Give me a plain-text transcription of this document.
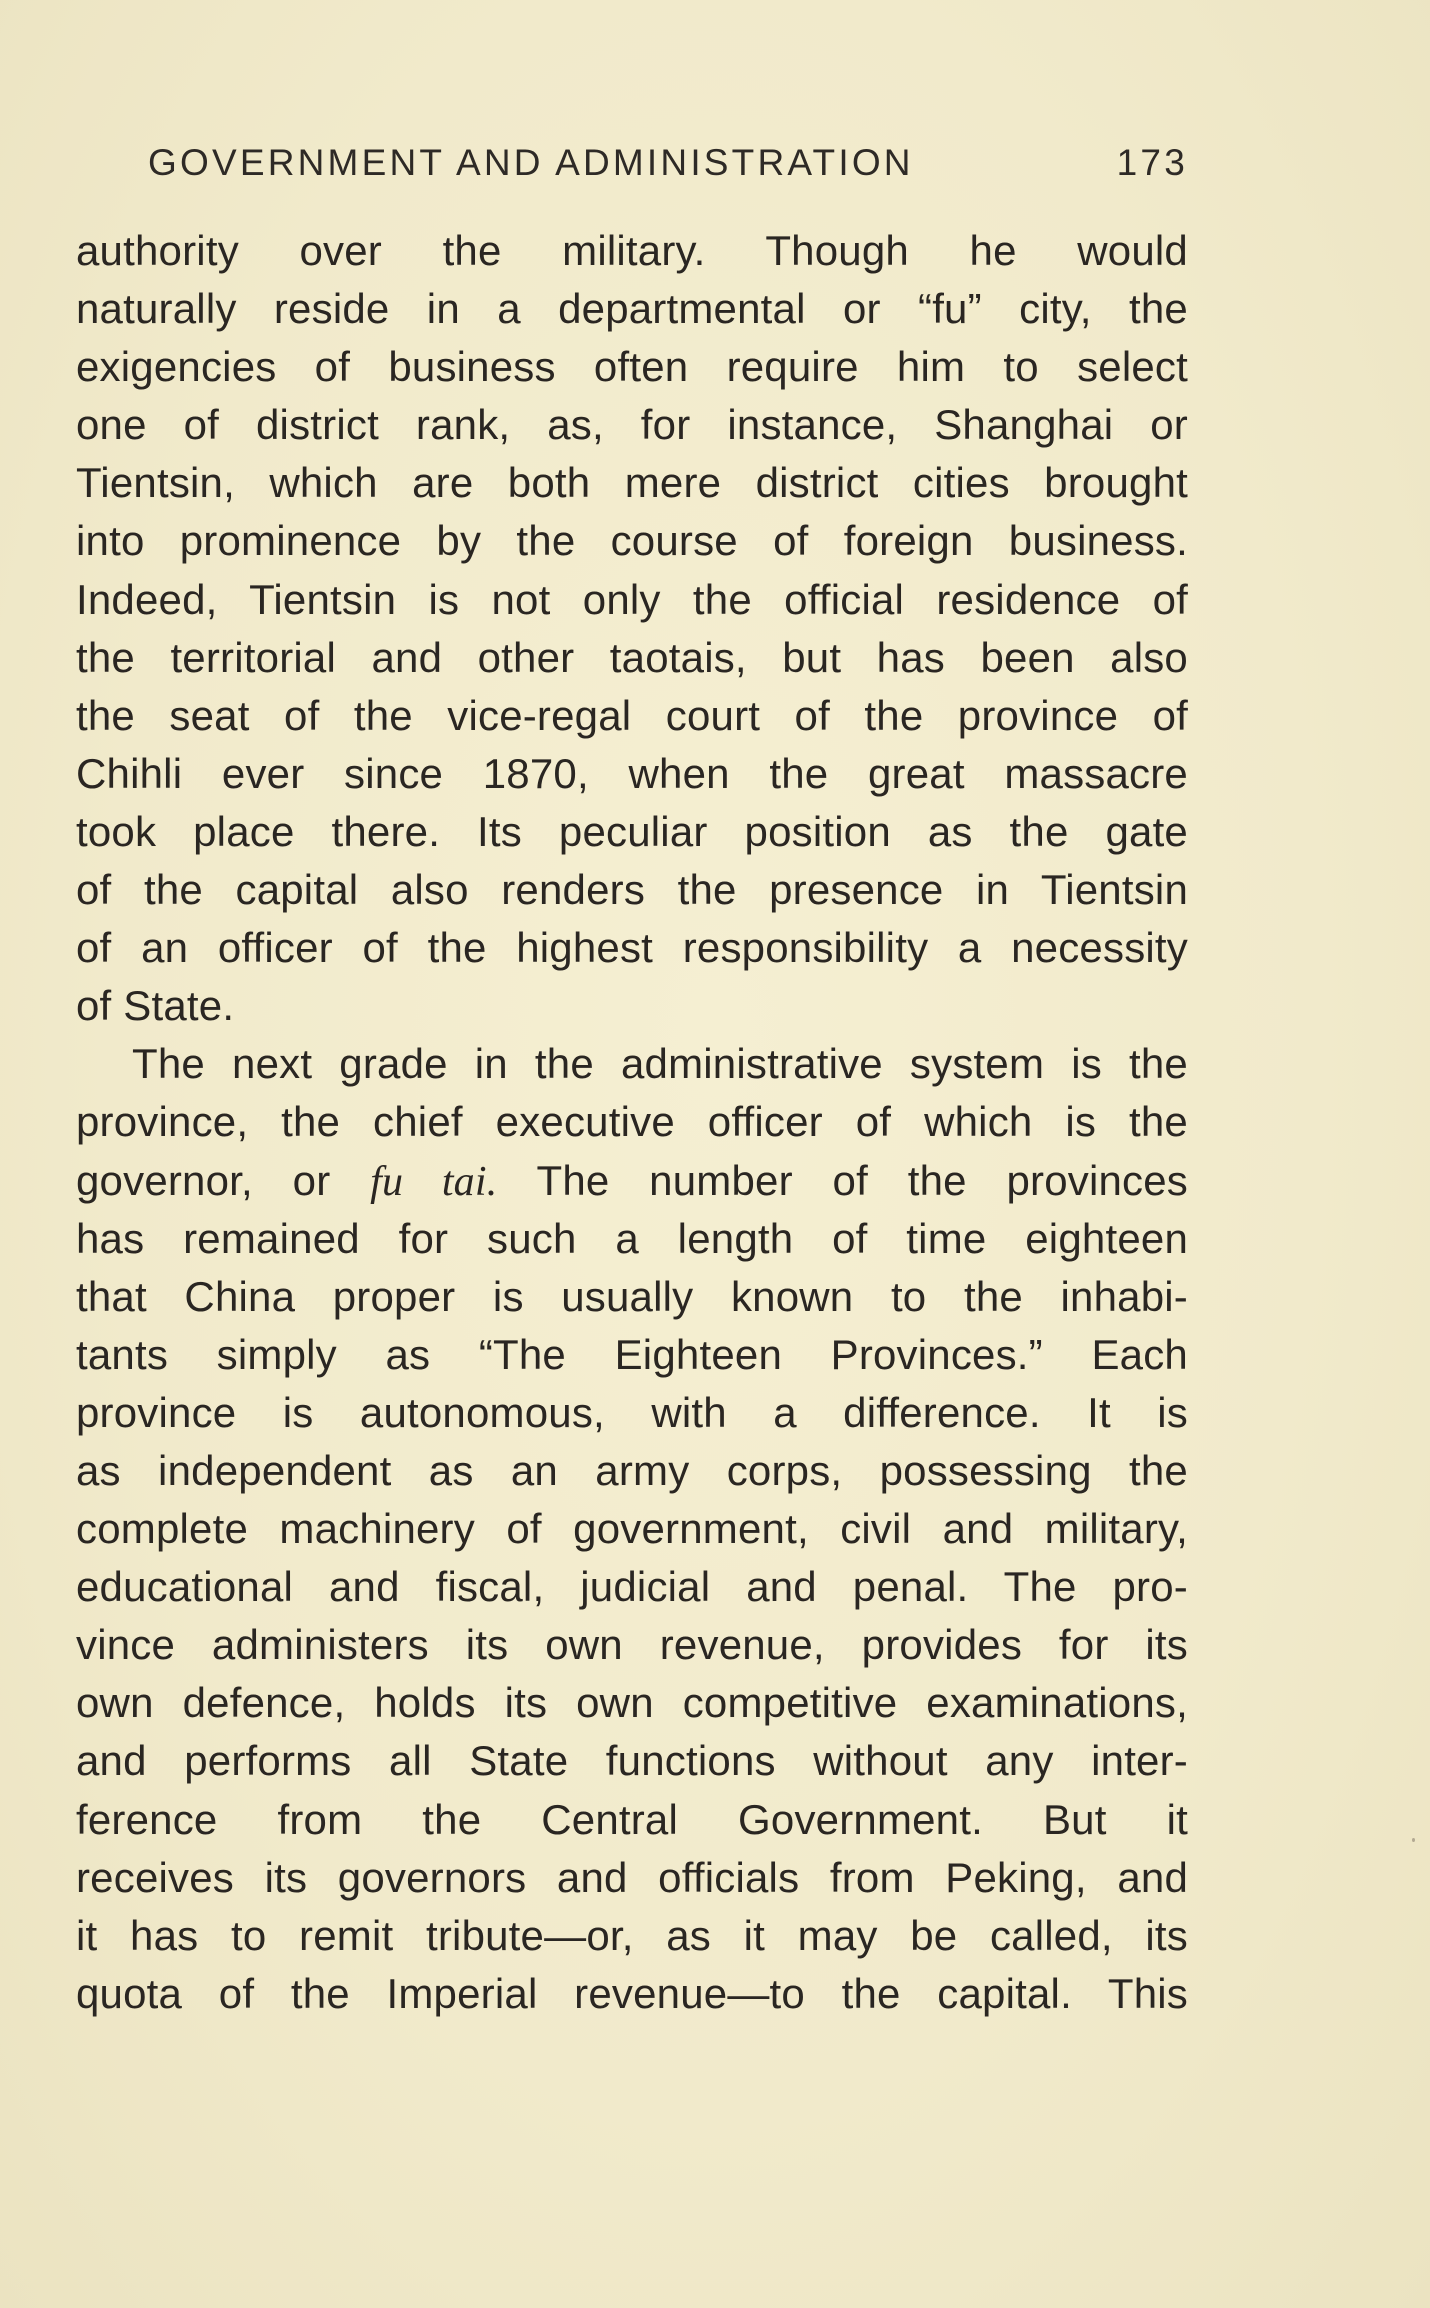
GOVERNMENT AND ADMINISTRATION	173
authority over the military. Though he would
naturally reside in a departmental or “fu” city, the
exigencies of business often require him to select
one of district rank, as, for instance, Shanghai or
Tientsin, which are both mere district cities brought
into prominence by the course of foreign business.
Indeed, Tientsin is not only the official residence of
the territorial and other taotais, but has been also
the seat of the vice-regal court of the province of
Chihli ever since 1870, when the great massacre
took place there. Its peculiar position as the gate
of the capital also renders the presence in Tientsin
of an officer of the highest responsibility a necessity
of State.
The next grade in the administrative system is the
province, the chief executive officer of which is the
governor, or fu tai. The number of the provinces
has remained for such a length of time eighteen
that China proper is usually known to the inhabi-
tants simply as “The Eighteen Provinces.” Each
province is autonomous, with a difference. It is
as independent as an army corps, possessing the
complete machinery of government, civil and military,
educational and fiscal, judicial and penal. The pro-
vince administers its own revenue, provides for its
own defence, holds its own competitive examinations,
and performs all State functions without any inter-
ference from the Central Government. But it
receives its governors and officials from Peking, and
it has to remit tribute—or, as it may be called, its
quota of the Imperial revenue—to the capital. This
